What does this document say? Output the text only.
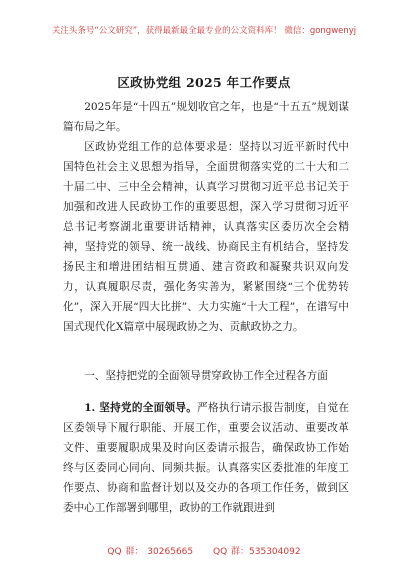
关注头条号“公文研究”，获得最新最全最专业的公文资料库！ 微信：gongwenyj
区政协党组 2025 年工作要点

2025年是“十四五”规划收官之年，也是“十五五”规划谋篇布局之年。

区政协党组工作的总体要求是：坚持以习近平新时代中国特色社会主义思想为指导，全面贯彻落实党的二十大和二十届二中、三中全会精神，认真学习贯彻习近平总书记关于加强和改进人民政协工作的重要思想，深入学习贯彻习近平总书记考察湖北重要讲话精神，认真落实区委历次全会精神，坚持党的领导、统一战线、协商民主有机结合，坚持发扬民主和增进团结相互贯通、建言资政和凝聚共识双向发力，认真履职尽责，强化务实善为，紧紧围绕“三个优势转化”，深入开展“四大比拼”、大力实施“十大工程”，在谱写中国式现代化X篇章中展现政协之为、贡献政协之力。

一、坚持把党的全面领导贯穿政协工作全过程各方面

1. 坚持党的全面领导。严格执行请示报告制度，自觉在区委领导下履行职能、开展工作，重要会议活动、重要改革文件、重要履职成果及时向区委请示报告，确保政协工作始终与区委同心同向、同频共振。认真落实区委批准的年度工作要点、协商和监督计划以及交办的各项工作任务，做到区委中心工作部署到哪里，政协的工作就跟进到

QQ 群： 30265665 QQ 群：535304092
